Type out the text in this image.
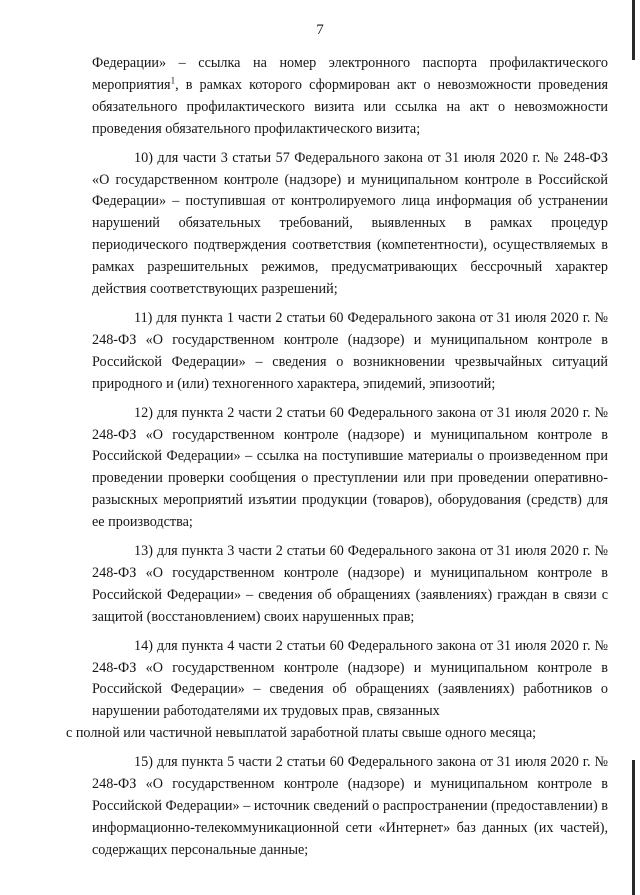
7

Федерации» – ссылка на номер электронного паспорта профилактического мероприятия$^1$, в рамках которого сформирован акт о невозможности проведения обязательного профилактического визита или ссылка на акт о невозможности проведения обязательного профилактического визита;

10) для части 3 статьи 57 Федерального закона от 31 июля 2020 г. № 248-ФЗ «О государственном контроле (надзоре) и муниципальном контроле в Российской Федерации» – поступившая от контролируемого лица информация об устранении нарушений обязательных требований, выявленных в рамках процедур периодического подтверждения соответствия (компетентности), осуществляемых в рамках разрешительных режимов, предусматривающих бессрочный характер действия соответствующих разрешений;

11) для пункта 1 части 2 статьи 60 Федерального закона от 31 июля 2020 г. № 248-ФЗ «О государственном контроле (надзоре) и муниципальном контроле в Российской Федерации» – сведения о возникновении чрезвычайных ситуаций природного и (или) техногенного характера, эпидемий, эпизоотий;

12) для пункта 2 части 2 статьи 60 Федерального закона от 31 июля 2020 г. № 248-ФЗ «О государственном контроле (надзоре) и муниципальном контроле в Российской Федерации» – ссылка на поступившие материалы о произведенном при проведении проверки сообщения о преступлении или при проведении оперативно-разыскных мероприятий изъятии продукции (товаров), оборудования (средств) для ее производства;

13) для пункта 3 части 2 статьи 60 Федерального закона от 31 июля 2020 г. № 248-ФЗ «О государственном контроле (надзоре) и муниципальном контроле в Российской Федерации» – сведения об обращениях (заявлениях) граждан в связи с защитой (восстановлением) своих нарушенных прав;

14) для пункта 4 части 2 статьи 60 Федерального закона от 31 июля 2020 г. № 248-ФЗ «О государственном контроле (надзоре) и муниципальном контроле в Российской Федерации» – сведения об обращениях (заявлениях) работников о нарушении работодателями их трудовых прав, связанных
с полной или частичной невыплатой заработной платы свыше одного месяца;

15) для пункта 5 части 2 статьи 60 Федерального закона от 31 июля 2020 г. № 248-ФЗ «О государственном контроле (надзоре) и муниципальном контроле в Российской Федерации» – источник сведений о распространении (предоставлении) в информационно-телекоммуникационной сети «Интернет» баз данных (их частей), содержащих персональные данные;
